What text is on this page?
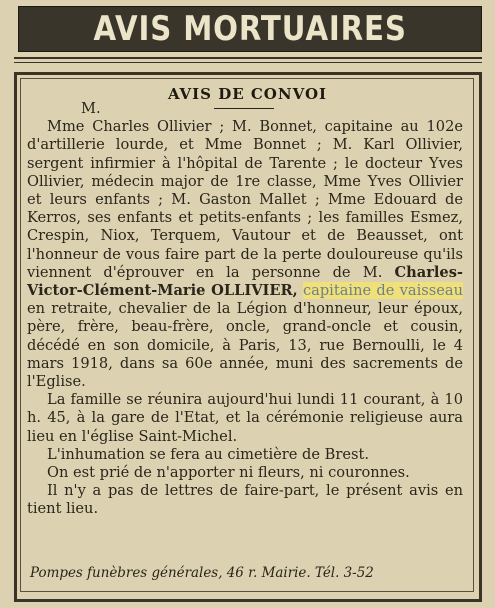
AVIS MORTUAIRES
AVIS DE CONVOI

M.

Mme Charles Ollivier ; M. Bonnet, capitaine au 102e d'artillerie lourde, et Mme Bonnet ; M. Karl Ollivier, sergent infirmier à l'hôpital de Tarente ; le docteur Yves Ollivier, médecin major de 1re classe, Mme Yves Ollivier et leurs enfants ; M. Gaston Mallet ; Mme Edouard de Kerros, ses enfants et petits-enfants ; les familles Esmez, Crespin, Niox, Terquem, Vautour et de Beausset, ont l'honneur de vous faire part de la perte douloureuse qu'ils viennent d'éprouver en la personne de M. Charles-Victor-Clément-Marie OLLIVIER, capitaine de vaisseau en retraite, chevalier de la Légion d'honneur, leur époux, père, frère, beau-frère, oncle, grand-oncle et cousin, décédé en son domicile, à Paris, 13, rue Bernoulli, le 4 mars 1918, dans sa 60e année, muni des sacrements de l'Eglise.

La famille se réunira aujourd'hui lundi 11 courant, à 10 h. 45, à la gare de l'Etat, et la cérémonie religieuse aura lieu en l'église Saint-Michel.

L'inhumation se fera au cimetière de Brest.

On est prié de n'apporter ni fleurs, ni couronnes.

Il n'y a pas de lettres de faire-part, le présent avis en tient lieu.

Pompes funèbres générales, 46 r. Mairie. Tél. 3-52
